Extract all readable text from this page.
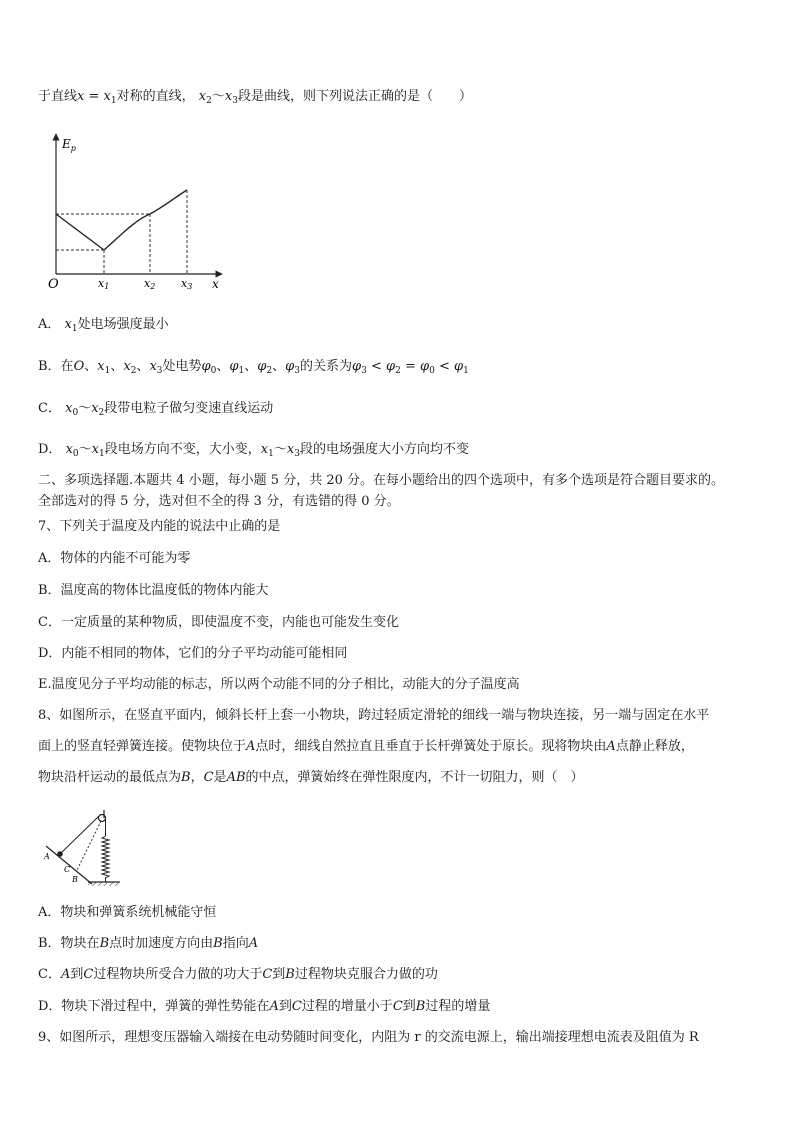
于直线$x = x_1$对称的直线， $x_2\sim x_3$段是曲线，则下列说法正确的是（　　）
$E_p$
O	x
x1	x2 x3
A． $x_1$处电场强度最小
B．在O、$x_1$、$x_2$、$x_3$处电势$\varphi_0$、$\varphi_1$、$\varphi_2$、$\varphi_3$的关系为$\varphi_3 < \varphi_2 = \varphi_0 < \varphi_1$
C． $x_0\sim x_2$段带电粒子做匀变速直线运动
D． $x_0\sim x_1$段电场方向不变，大小变，$x_1\sim x_3$段的电场强度大小方向均不变
二、多项选择题.本题共 4 小题，每小题 5 分，共 20 分。在每小题给出的四个选项中，有多个选项是符合题目要求的。
全部选对的得 5 分，选对但不全的得 3 分，有选错的得 0 分。
7、下列关于温度及内能的说法中止确的是
A．物体的内能不可能为零
B．温度高的物体比温度低的物体内能大
C．一定质量的某种物质，即使温度不变，内能也可能发生变化
D．内能不相同的物体，它们的分子平均动能可能相同
E.温度见分子平均动能的标志，所以两个动能不同的分子相比，动能大的分子温度高
8、如图所示，在竖直平面内，倾斜长杆上套一小物块，跨过轻质定滑轮的细线一端与物块连接，另一端与固定在水平
面上的竖直轻弹簧连接。使物块位于A点时，细线自然拉直且垂直于长杆弹簧处于原长。现将物块由A点静止释放，
物块沿杆运动的最低点为B，C是AB的中点，弹簧始终在弹性限度内，不计一切阻力，则（　）
A
C
B
A．物块和弹簧系统机械能守恒
B．物块在B点时加速度方向由B指向A
C．A到C过程物块所受合力做的功大于C到B过程物块克服合力做的功
D．物块下滑过程中，弹簧的弹性势能在A到C过程的增量小于C到B过程的增量
9、如图所示，理想变压器输入端接在电动势随时间变化，内阻为 r 的交流电源上，输出端接理想电流表及阻值为 R
